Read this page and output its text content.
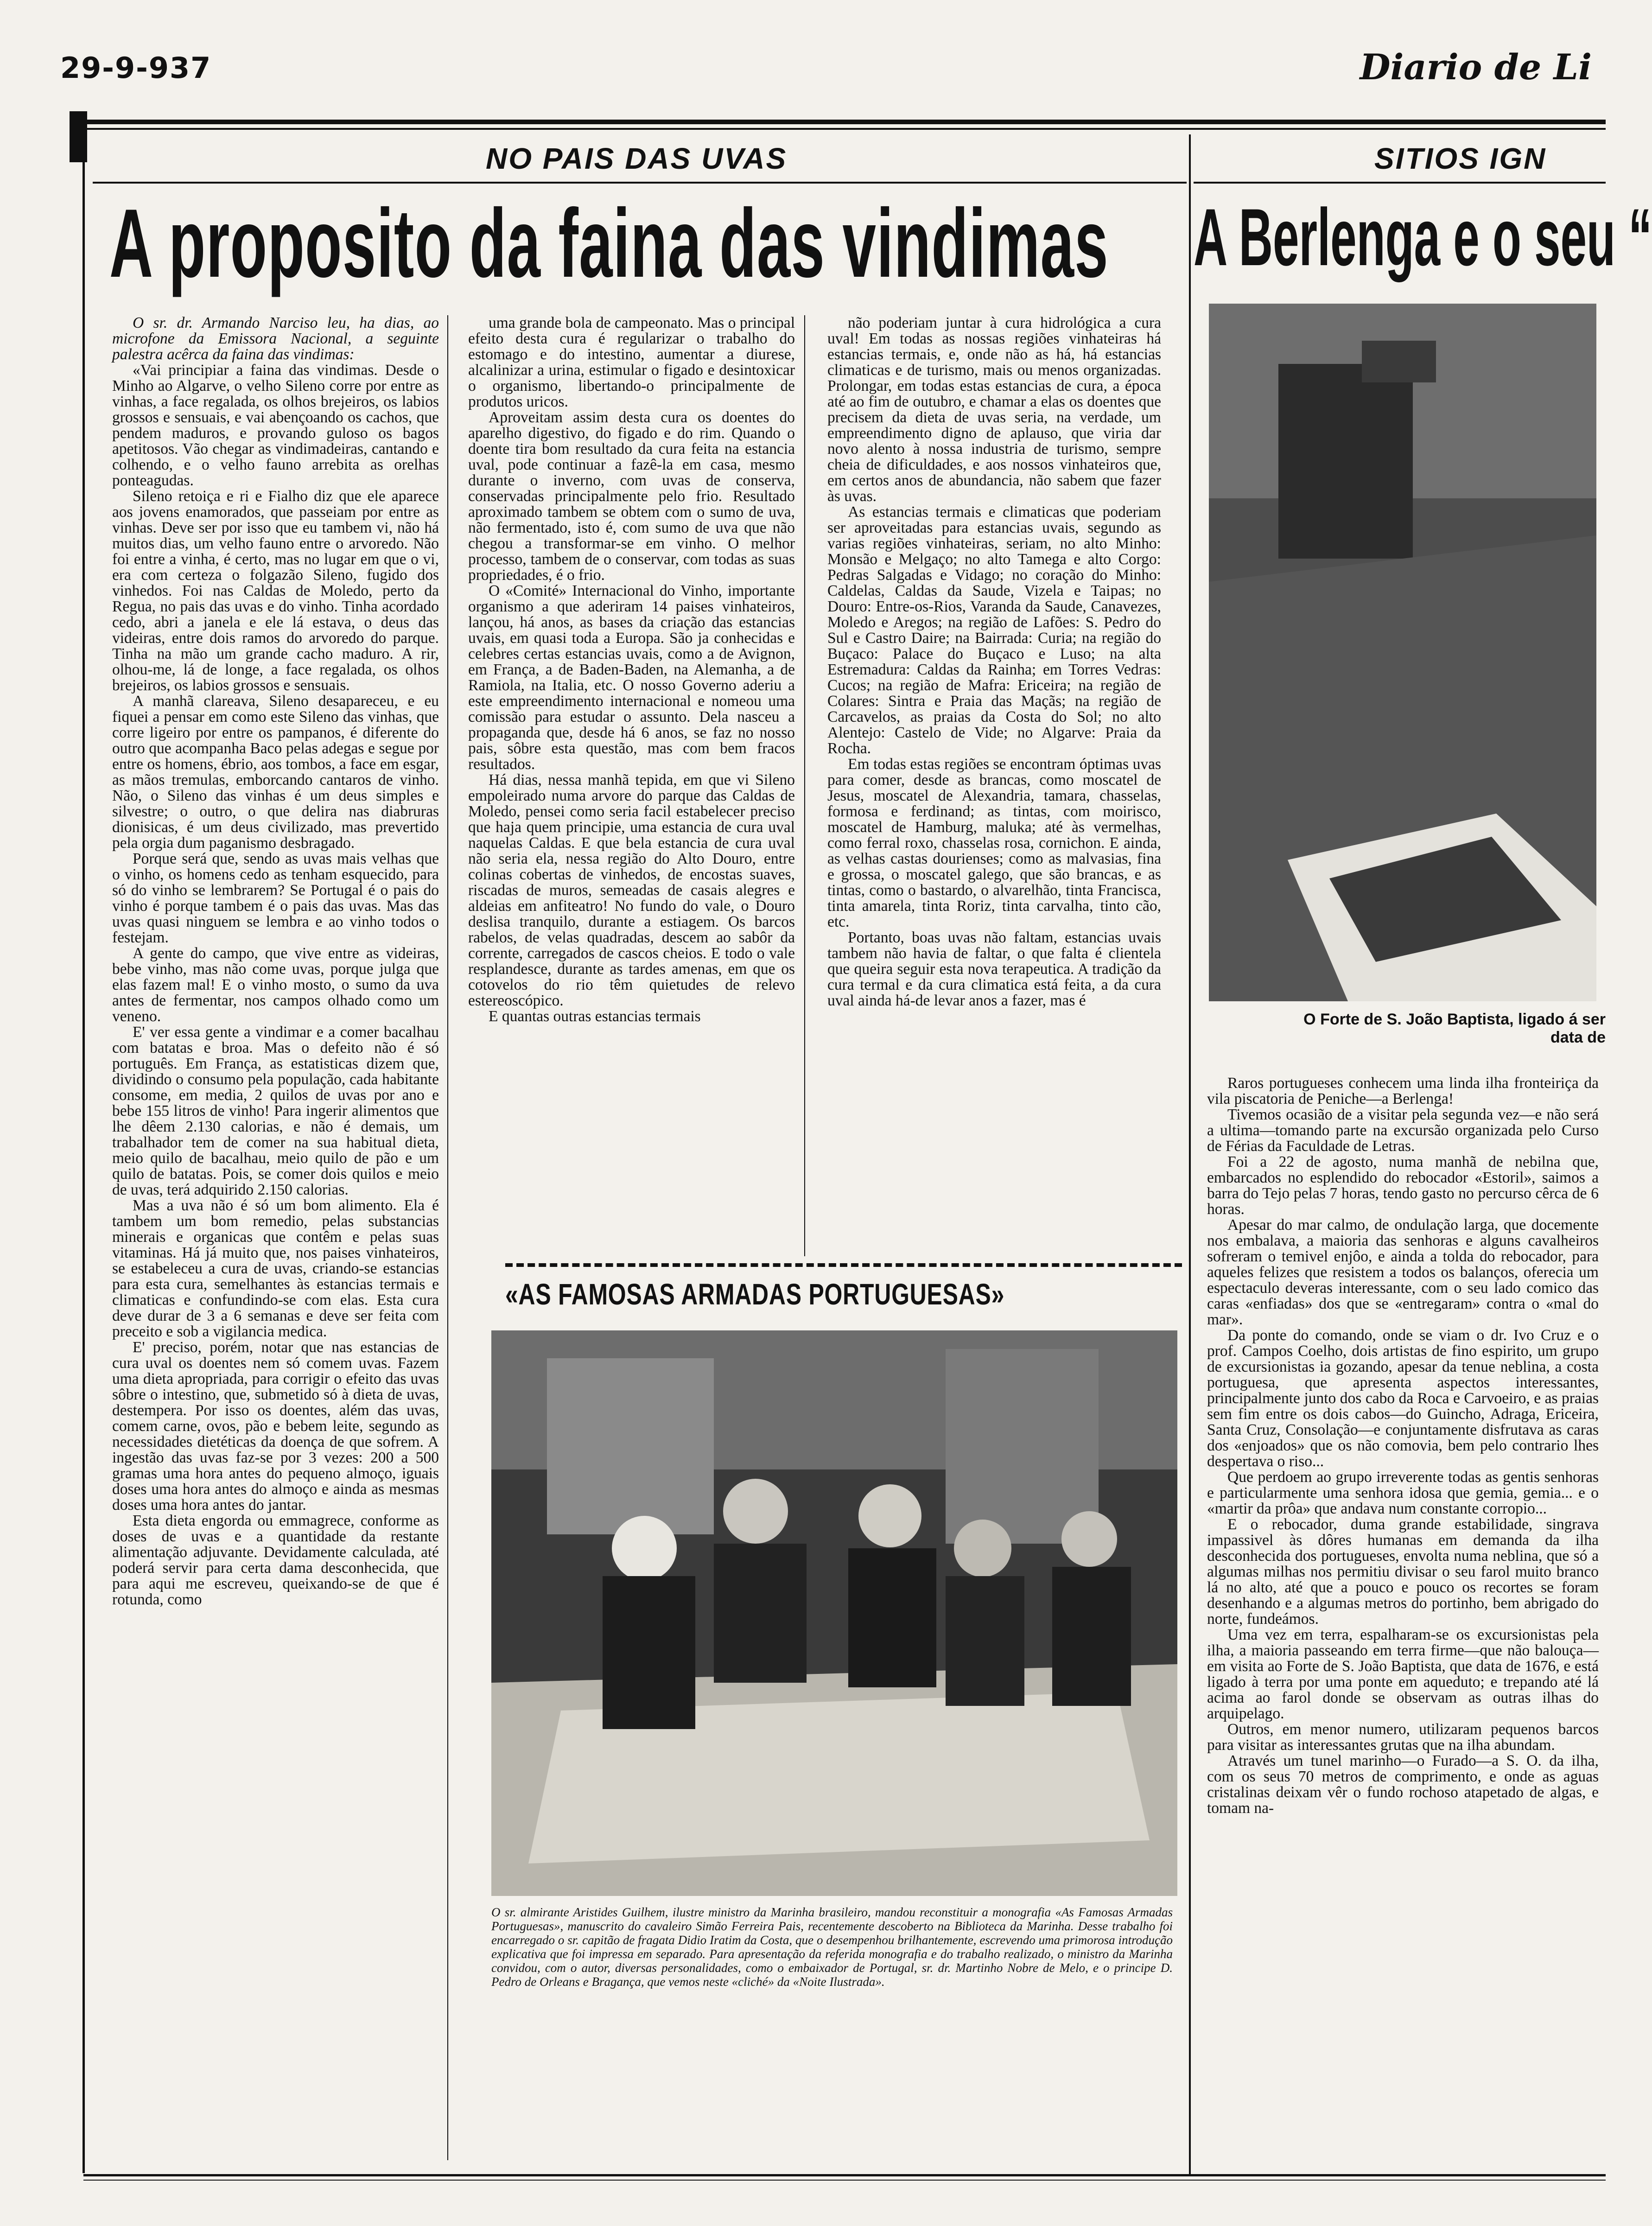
29-9-937	Diario de Li
NO PAIS DAS UVAS
A proposito da faina das vindimas

O sr. dr. Armando Narciso leu, ha dias, ao microfone da Emissora Nacional, a seguinte palestra acêrca da faina das vindimas:

«Vai principiar a faina das vindimas. Desde o Minho ao Algarve, o velho Sileno corre por entre as vinhas, a face regalada, os olhos brejeiros, os labios grossos e sensuais, e vai abençoando os cachos, que pendem maduros, e provando guloso os bagos apetitosos. Vão chegar as vindimadeiras, cantando e colhendo, e o velho fauno arrebita as orelhas ponteagudas.

Sileno retoiça e ri e Fialho diz que ele aparece aos jovens enamorados, que passeiam por entre as vinhas. Deve ser por isso que eu tambem vi, não há muitos dias, um velho fauno entre o arvoredo. Não foi entre a vinha, é certo, mas no lugar em que o vi, era com certeza o folgazão Sileno, fugido dos vinhedos. Foi nas Caldas de Moledo, perto da Regua, no pais das uvas e do vinho. Tinha acordado cedo, abri a janela e ele lá estava, o deus das videiras, entre dois ramos do arvoredo do parque. Tinha na mão um grande cacho maduro. A rir, olhou-me, lá de longe, a face regalada, os olhos brejeiros, os labios grossos e sensuais.

A manhã clareava, Sileno desapareceu, e eu fiquei a pensar em como este Sileno das vinhas, que corre ligeiro por entre os pampanos, é diferente do outro que acompanha Baco pelas adegas e segue por entre os homens, ébrio, aos tombos, a face em esgar, as mãos tremulas, emborcando cantaros de vinho. Não, o Sileno das vinhas é um deus simples e silvestre; o outro, o que delira nas diabruras dionisicas, é um deus civilizado, mas prevertido pela orgia dum paganismo desbragado.

Porque será que, sendo as uvas mais velhas que o vinho, os homens cedo as tenham esquecido, para só do vinho se lembrarem? Se Portugal é o pais do vinho é porque tambem é o pais das uvas. Mas das uvas quasi ninguem se lembra e ao vinho todos o festejam.

A gente do campo, que vive entre as videiras, bebe vinho, mas não come uvas, porque julga que elas fazem mal! E o vinho mosto, o sumo da uva antes de fermentar, nos campos olhado como um veneno.

E' ver essa gente a vindimar e a comer bacalhau com batatas e broa. Mas o defeito não é só português. Em França, as estatisticas dizem que, dividindo o consumo pela população, cada habitante consome, em media, 2 quilos de uvas por ano e bebe 155 litros de vinho! Para ingerir alimentos que lhe dêem 2.130 calorias, e não é demais, um trabalhador tem de comer na sua habitual dieta, meio quilo de bacalhau, meio quilo de pão e um quilo de batatas. Pois, se comer dois quilos e meio de uvas, terá adquirido 2.150 calorias.

Mas a uva não é só um bom alimento. Ela é tambem um bom remedio, pelas substancias minerais e organicas que contêm e pelas suas vitaminas. Há já muito que, nos paises vinhateiros, se estabeleceu a cura de uvas, criando-se estancias para esta cura, semelhantes às estancias termais e climaticas e confundindo-se com elas. Esta cura deve durar de 3 a 6 semanas e deve ser feita com preceito e sob a vigilancia medica.

E' preciso, porém, notar que nas estancias de cura uval os doentes nem só comem uvas. Fazem uma dieta apropriada, para corrigir o efeito das uvas sôbre o intestino, que, submetido só à dieta de uvas, destempera. Por isso os doentes, além das uvas, comem carne, ovos, pão e bebem leite, segundo as necessidades dietéticas da doença de que sofrem. A ingestão das uvas faz-se por 3 vezes: 200 a 500 gramas uma hora antes do pequeno almoço, iguais doses uma hora antes do almoço e ainda as mesmas doses uma hora antes do jantar.

Esta dieta engorda ou emmagrece, conforme as doses de uvas e a quantidade da restante alimentação adjuvante. Devidamente calculada, até poderá servir para certa dama desconhecida, que para aqui me escreveu, queixando-se de que é rotunda, como

uma grande bola de campeonato. Mas o principal efeito desta cura é regularizar o trabalho do estomago e do intestino, aumentar a diurese, alcalinizar a urina, estimular o figado e desintoxicar o organismo, libertando-o principalmente de produtos uricos.

Aproveitam assim desta cura os doentes do aparelho digestivo, do figado e do rim. Quando o doente tira bom resultado da cura feita na estancia uval, pode continuar a fazê-la em casa, mesmo durante o inverno, com uvas de conserva, conservadas principalmente pelo frio. Resultado aproximado tambem se obtem com o sumo de uva, não fermentado, isto é, com sumo de uva que não chegou a transformar-se em vinho. O melhor processo, tambem de o conservar, com todas as suas propriedades, é o frio.

O «Comité» Internacional do Vinho, importante organismo a que aderiram 14 paises vinhateiros, lançou, há anos, as bases da criação das estancias uvais, em quasi toda a Europa. São ja conhecidas e celebres certas estancias uvais, como a de Avignon, em França, a de Baden-Baden, na Alemanha, a de Ramiola, na Italia, etc. O nosso Governo aderiu a este empreendimento internacional e nomeou uma comissão para estudar o assunto. Dela nasceu a propaganda que, desde há 6 anos, se faz no nosso pais, sôbre esta questão, mas com bem fracos resultados.

Há dias, nessa manhã tepida, em que vi Sileno empoleirado numa arvore do parque das Caldas de Moledo, pensei como seria facil estabelecer preciso que haja quem principie, uma estancia de cura uval naquelas Caldas. E que bela estancia de cura uval não seria ela, nessa região do Alto Douro, entre colinas cobertas de vinhedos, de encostas suaves, riscadas de muros, semeadas de casais alegres e aldeias em anfiteatro! No fundo do vale, o Douro deslisa tranquilo, durante a estiagem. Os barcos rabelos, de velas quadradas, descem ao sabôr da corrente, carregados de cascos cheios. E todo o vale resplandesce, durante as tardes amenas, em que os cotovelos do rio têm quietudes de relevo estereoscópico.

E quantas outras estancias termais

não poderiam juntar à cura hidrológica a cura uval! Em todas as nossas regiões vinhateiras há estancias termais, e, onde não as há, há estancias climaticas e de turismo, mais ou menos organizadas. Prolongar, em todas estas estancias de cura, a época até ao fim de outubro, e chamar a elas os doentes que precisem da dieta de uvas seria, na verdade, um empreendimento digno de aplauso, que viria dar novo alento à nossa industria de turismo, sempre cheia de dificuldades, e aos nossos vinhateiros que, em certos anos de abundancia, não sabem que fazer às uvas.

As estancias termais e climaticas que poderiam ser aproveitadas para estancias uvais, segundo as varias regiões vinhateiras, seriam, no alto Minho: Monsão e Melgaço; no alto Tamega e alto Corgo: Pedras Salgadas e Vidago; no coração do Minho: Caldelas, Caldas da Saude, Vizela e Taipas; no Douro: Entre-os-Rios, Varanda da Saude, Canavezes, Moledo e Aregos; na região de Lafões: S. Pedro do Sul e Castro Daire; na Bairrada: Curia; na região do Buçaco: Palace do Buçaco e Luso; na alta Estremadura: Caldas da Rainha; em Torres Vedras: Cucos; na região de Mafra: Ericeira; na região de Colares: Sintra e Praia das Maçãs; na região de Carcavelos, as praias da Costa do Sol; no alto Alentejo: Castelo de Vide; no Algarve: Praia da Rocha.

Em todas estas regiões se encontram óptimas uvas para comer, desde as brancas, como moscatel de Jesus, moscatel de Alexandria, tamara, chasselas, formosa e ferdinand; as tintas, com moirisco, moscatel de Hamburg, maluka; até às vermelhas, como ferral roxo, chasselas rosa, cornichon. E ainda, as velhas castas dourienses; como as malvasias, fina e grossa, o moscatel galego, que são brancas, e as tintas, como o bastardo, o alvarelhão, tinta Francisca, tinta amarela, tinta Roriz, tinta carvalha, tinto cão, etc.

Portanto, boas uvas não faltam, estancias uvais tambem não havia de faltar, o que falta é clientela que queira seguir esta nova terapeutica. A tradição da cura termal e da cura climatica está feita, a da cura uval ainda há-de levar anos a fazer, mas é

«AS FAMOSAS ARMADAS PORTUGUESAS»
O sr. almirante Aristides Guilhem, ilustre ministro da Marinha brasileiro, mandou reconstituir a monografia «As Famosas Armadas Portuguesas», manuscrito do cavaleiro Simão Ferreira Pais, recentemente descoberto na Biblioteca da Marinha. Desse trabalho foi encarregado o sr. capitão de fragata Didio Iratim da Costa, que o desempenhou brilhantemente, escrevendo uma primorosa introdução explicativa que foi impressa em separado. Para apresentação da referida monografia e do trabalho realizado, o ministro da Marinha convidou, com o autor, diversas personalidades, como o embaixador de Portugal, sr. dr. Martinho Nobre de Melo, e o principe D. Pedro de Orleans e Bragança, que vemos neste «cliché» da «Noite Ilustrada».
SITIOS IGN
A Berlenga e o seu “
O Forte de S. João Baptista, ligado á ser
data de

Raros portugueses conhecem uma linda ilha fronteiriça da vila piscatoria de Peniche—a Berlenga!

Tivemos ocasião de a visitar pela segunda vez—e não será a ultima—tomando parte na excursão organizada pelo Curso de Férias da Faculdade de Letras.

Foi a 22 de agosto, numa manhã de nebilna que, embarcados no esplendido do rebocador «Estoril», saimos a barra do Tejo pelas 7 horas, tendo gasto no percurso cêrca de 6 horas.

Apesar do mar calmo, de ondulação larga, que docemente nos embalava, a maioria das senhoras e alguns cavalheiros sofreram o temivel enjôo, e ainda a tolda do rebocador, para aqueles felizes que resistem a todos os balanços, oferecia um espectaculo deveras interessante, com o seu lado comico das caras «enfiadas» dos que se «entregaram» contra o «mal do mar».

Da ponte do comando, onde se viam o dr. Ivo Cruz e o prof. Campos Coelho, dois artistas de fino espirito, um grupo de excursionistas ia gozando, apesar da tenue neblina, a costa portuguesa, que apresenta aspectos interessantes, principalmente junto dos cabo da Roca e Carvoeiro, e as praias sem fim entre os dois cabos—do Guincho, Adraga, Ericeira, Santa Cruz, Consolação—e conjuntamente disfrutava as caras dos «enjoados» que os não comovia, bem pelo contrario lhes despertava o riso...

Que perdoem ao grupo irreverente todas as gentis senhoras e particularmente uma senhora idosa que gemia, gemia... e o «martir da prôa» que andava num constante corropio...

E o rebocador, duma grande estabilidade, singrava impassivel às dôres humanas em demanda da ilha desconhecida dos portugueses, envolta numa neblina, que só a algumas milhas nos permitiu divisar o seu farol muito branco lá no alto, até que a pouco e pouco os recortes se foram desenhando e a algumas metros do portinho, bem abrigado do norte, fundeámos.

Uma vez em terra, espalharam-se os excursionistas pela ilha, a maioria passeando em terra firme—que não balouça—em visita ao Forte de S. João Baptista, que data de 1676, e está ligado à terra por uma ponte em aqueduto; e trepando até lá acima ao farol donde se observam as outras ilhas do arquipelago.

Outros, em menor numero, utilizaram pequenos barcos para visitar as interessantes grutas que na ilha abundam.

Através um tunel marinho—o Furado—a S. O. da ilha, com os seus 70 metros de comprimento, e onde as aguas cristalinas deixam vêr o fundo rochoso atapetado de algas, e tomam na-
